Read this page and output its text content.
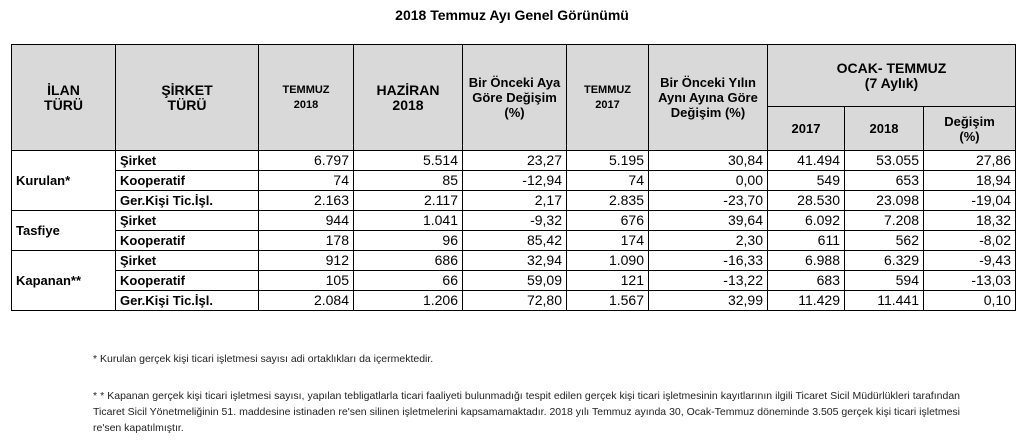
2018 Temmuz Ayı Genel Görünümü
İLAN TÜRÜ	ŞİRKET TÜRÜ	TEMMUZ 2018	HAZİRAN 2018	Bir Önceki Aya Göre Değişim (%)	TEMMUZ 2017	Bir Önceki Yılın Aynı Ayına Göre Değişim (%)	OCAK- TEMMUZ
(7 Aylık)		

							2017	2018	Değişim (%)
Kurulan*	Şirket	6.797	5.514	23,27	5.195	30,84	41.494	53.055	27,86
	Kooperatif	74	85	-12,94	74	0,00	549	653	18,94
	Ger.Kişi Tic.İşl.	2.163	2.117	2,17	2.835	-23,70	28.530	23.098	-19,04
Tasfiye	Şirket	944	1.041	-9,32	676	39,64	6.092	7.208	18,32
	Kooperatif	178	96	85,42	174	2,30	611	562	-8,02
Kapanan**	Şirket	912	686	32,94	1.090	-16,33	6.988	6.329	-9,43
	Kooperatif	105	66	59,09	121	-13,22	683	594	-13,03
	Ger.Kişi Tic.İşl.	2.084	1.206	72,80	1.567	32,99	11.429	11.441	0,10
* Kurulan gerçek kişi ticari işletmesi sayısı adi ortaklıkları da içermektedir.
* * Kapanan gerçek kişi ticari işletmesi sayısı, yapılan tebligatlarla ticari faaliyeti bulunmadığı tespit edilen gerçek kişi ticari işletmesinin kayıtlarının ilgili Ticaret Sicil Müdürlükleri tarafından Ticaret Sicil Yönetmeliğinin 51. maddesine istinaden re'sen silinen işletmelerini kapsamamaktadır. 2018 yılı Temmuz ayında 30, Ocak-Temmuz döneminde 3.505 gerçek kişi ticari işletmesi re'sen kapatılmıştır.
